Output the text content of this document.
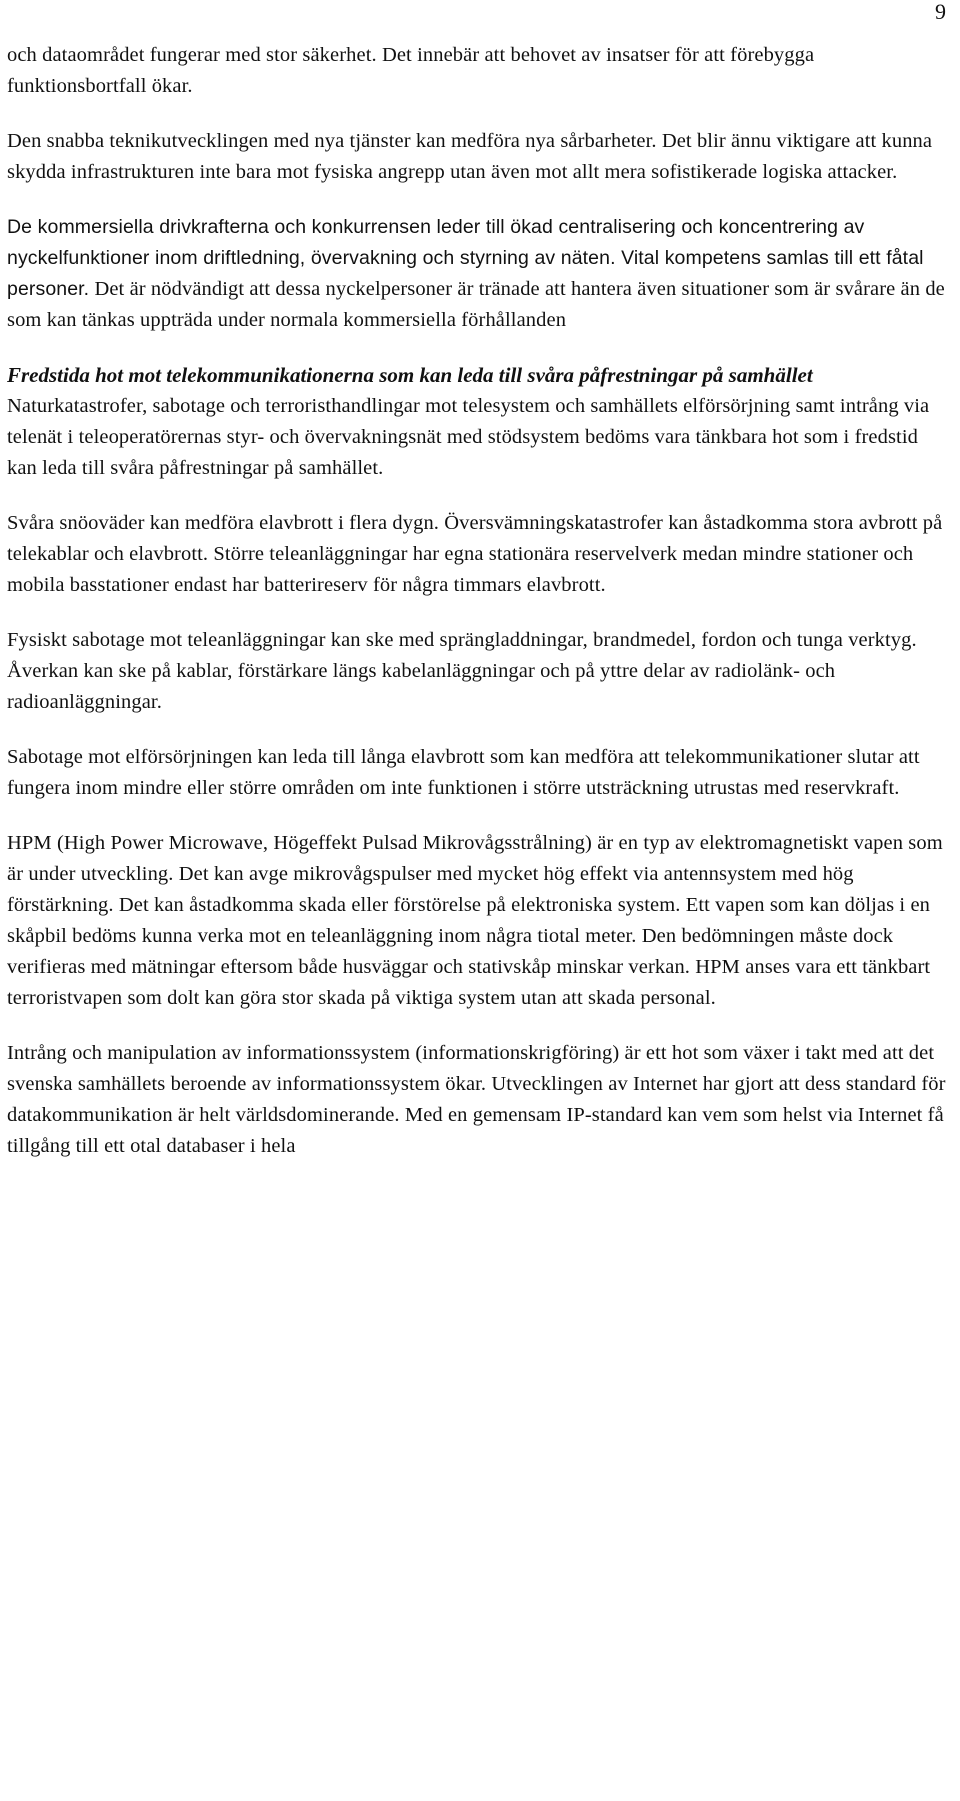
9

och dataområdet fungerar med stor säkerhet. Det innebär att behovet av insatser för att förebygga funktionsbortfall ökar.

Den snabba teknikutvecklingen med nya tjänster kan medföra nya sårbarheter. Det blir ännu viktigare att kunna skydda infrastrukturen inte bara mot fysiska angrepp utan även mot allt mera sofistikerade logiska attacker.

De kommersiella drivkrafterna och konkurrensen leder till ökad centralisering och koncentrering av nyckelfunktioner inom driftledning, övervakning och styrning av näten. Vital kompetens samlas till ett fåtal personer. Det är nödvändigt att dessa nyckelpersoner är tränade att hantera även situationer som är svårare än de som kan tänkas uppträda under normala kommersiella förhållanden

Fredstida hot mot telekommunikationerna som kan leda till svåra påfrestningar på samhället

Naturkatastrofer, sabotage och terroristhandlingar mot telesystem och samhällets elförsörjning samt intrång via telenät i teleoperatörernas styr- och övervakningsnät med stödsystem bedöms vara tänkbara hot som i fredstid kan leda till svåra påfrestningar på samhället.

Svåra snöoväder kan medföra elavbrott i flera dygn. Översvämningskatastrofer kan åstadkomma stora avbrott på telekablar och elavbrott. Större teleanläggningar har egna stationära reservelverk medan mindre stationer och mobila basstationer endast har batterireserv för några timmars elavbrott.

Fysiskt sabotage mot teleanläggningar kan ske med sprängladdningar, brandmedel, fordon och tunga verktyg. Åverkan kan ske på kablar, förstärkare längs kabelanläggningar och på yttre delar av radiolänk- och radioanläggningar.

Sabotage mot elförsörjningen kan leda till långa elavbrott som kan medföra att telekommunikationer slutar att fungera inom mindre eller större områden om inte funktionen i större utsträckning utrustas med reservkraft.

HPM (High Power Microwave, Högeffekt Pulsad Mikrovågsstrålning) är en typ av elektromagnetiskt vapen som är under utveckling. Det kan avge mikrovågspulser med mycket hög effekt via antennsystem med hög förstärkning. Det kan åstadkomma skada eller förstörelse på elektroniska system. Ett vapen som kan döljas i en skåpbil bedöms kunna verka mot en teleanläggning inom några tiotal meter. Den bedömningen måste dock verifieras med mätningar eftersom både husväggar och stativskåp minskar verkan. HPM anses vara ett tänkbart terroristvapen som dolt kan göra stor skada på viktiga system utan att skada personal.

Intrång och manipulation av informationssystem (informationskrigföring) är ett hot som växer i takt med att det svenska samhällets beroende av informationssystem ökar. Utvecklingen av Internet har gjort att dess standard för datakommunikation är helt världsdominerande. Med en gemensam IP-standard kan vem som helst via Internet få tillgång till ett otal databaser i hela
